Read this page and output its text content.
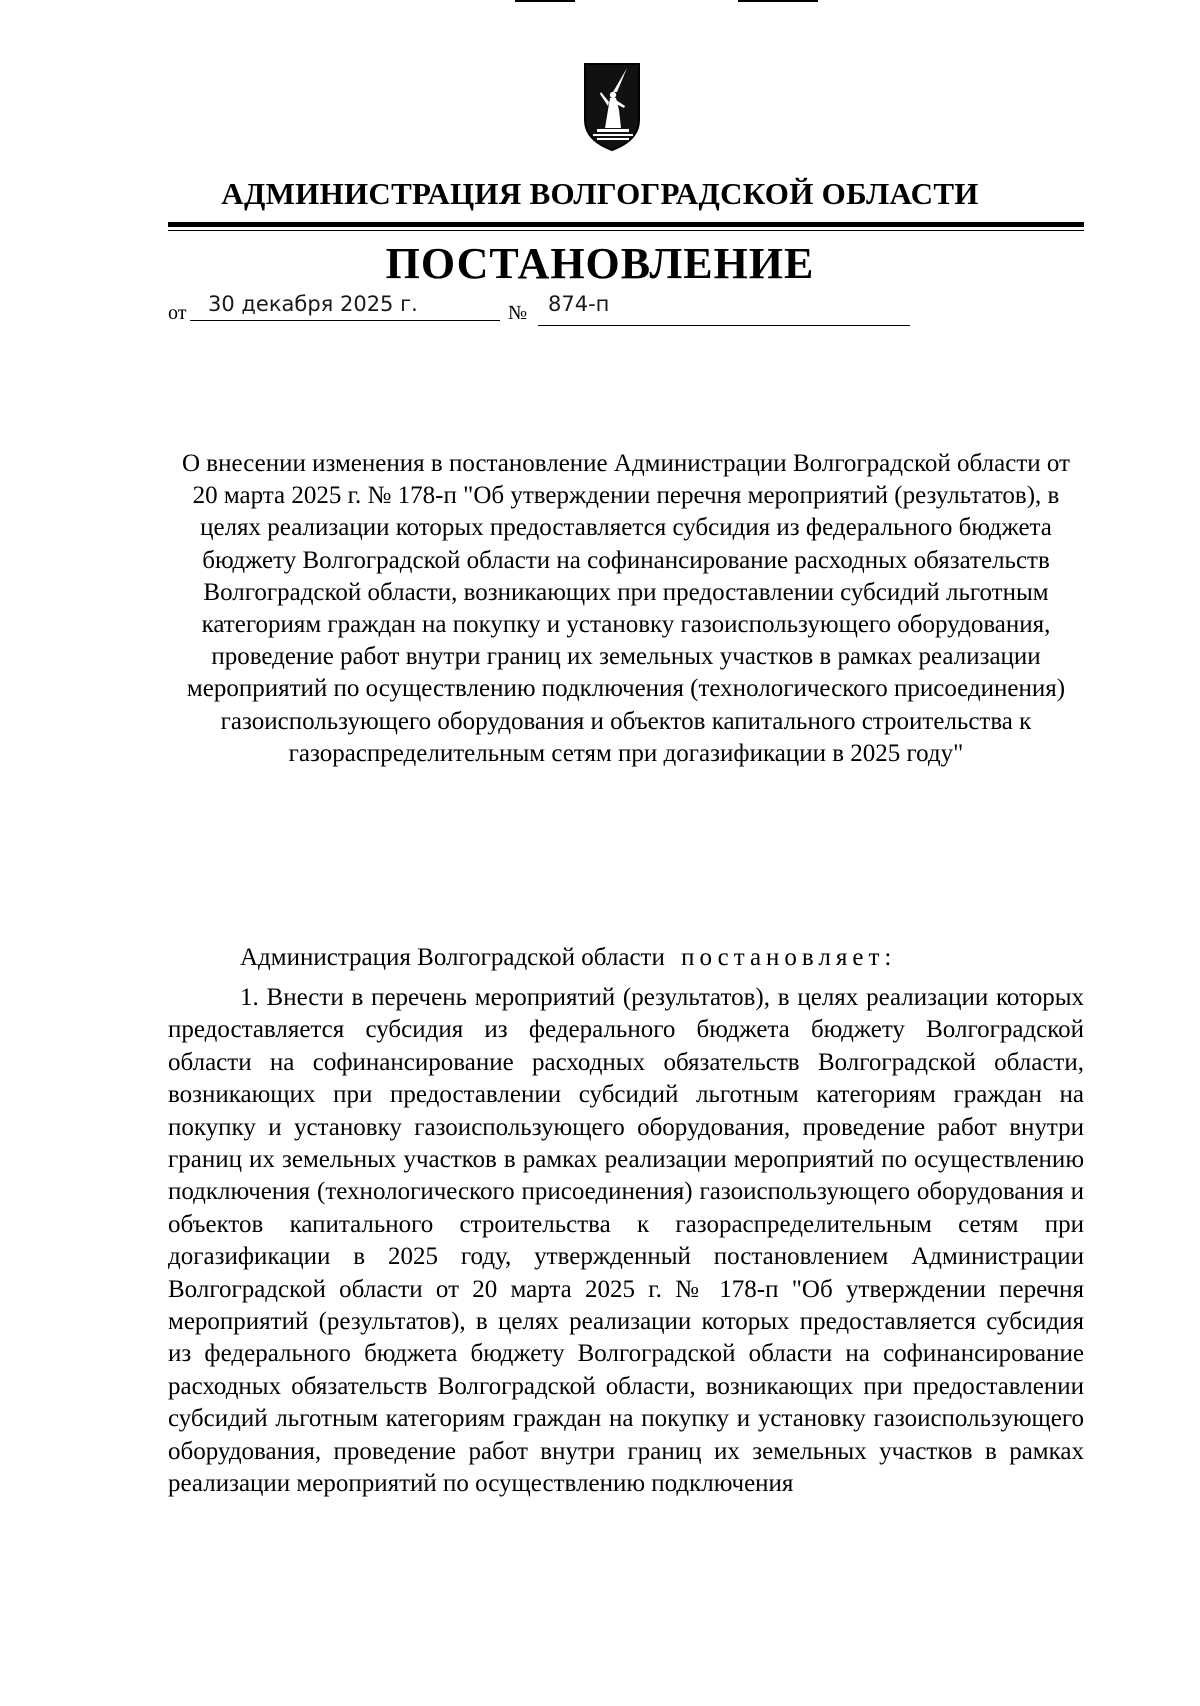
АДМИНИСТРАЦИЯ ВОЛГОГРАДСКОЙ ОБЛАСТИ
ПОСТАНОВЛЕНИЕ
от 30 декабря 2025 г.	№ 874-п
О внесении изменения в постановление Администрации Волгоградской области от 20 марта 2025 г. № 178-п "Об утверждении перечня мероприятий (результатов), в целях реализации которых предоставляется субсидия из федерального бюджета бюджету Волгоградской области на софинансирование расходных обязательств Волгоградской области, возникающих при предоставлении субсидий льготным категориям граждан на покупку и установку газоиспользующего оборудования, проведение работ внутри границ их земельных участков в рамках реализации мероприятий по осуществлению подключения (технологического присоединения) газоиспользующего оборудования и объектов капитального строительства к газораспределительным сетям при догазификации в 2025 году"
Администрация Волгоградской области постановляет:
1. Внести в перечень мероприятий (результатов), в целях реализации которых предоставляется субсидия из федерального бюджета бюджету Волгоградской области на софинансирование расходных обязательств Волгоградской области, возникающих при предоставлении субсидий льготным категориям граждан на покупку и установку газоиспользующего оборудования, проведение работ внутри границ их земельных участков в рамках реализации мероприятий по осуществлению подключения (технологического присоединения) газоиспользующего оборудования и объектов капитального строительства к газораспределительным сетям при догазификации в 2025 году, утвержденный постановлением Администрации Волгоградской области от 20 марта 2025 г. № 178-п "Об утверждении перечня мероприятий (результатов), в целях реализации которых предоставляется субсидия из федерального бюджета бюджету Волгоградской области на софинансирование расходных обязательств Волгоградской области, возникающих при предоставлении субсидий льготным категориям граждан на покупку и установку газоиспользующего оборудования, проведение работ внутри границ их земельных участков в рамках реализации мероприятий по осуществлению подключения
